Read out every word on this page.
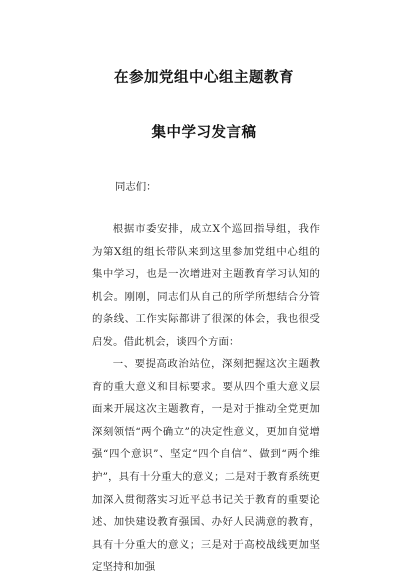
在参加党组中心组主题教育
集中学习发言稿
同志们：
根据市委安排，成立X个巡回指导组，我作为第X组的组长带队来到这里参加党组中心组的集中学习，也是一次增进对主题教育学习认知的机会。刚刚，同志们从自己的所学所想结合分管的条线、工作实际都讲了很深的体会，我也很受启发。借此机会，谈四个方面：
一、要提高政治站位，深刻把握这次主题教育的重大意义和目标要求。要从四个重大意义层面来开展这次主题教育，一是对于推动全党更加深刻领悟“两个确立”的决定性意义，更加自觉增强“四个意识”、坚定“四个自信”、做到“两个维护”，具有十分重大的意义；二是对于教育系统更加深入贯彻落实习近平总书记关于教育的重要论述、加快建设教育强国、办好人民满意的教育，具有十分重大的意义；三是对于高校战线更加坚定坚持和加强
